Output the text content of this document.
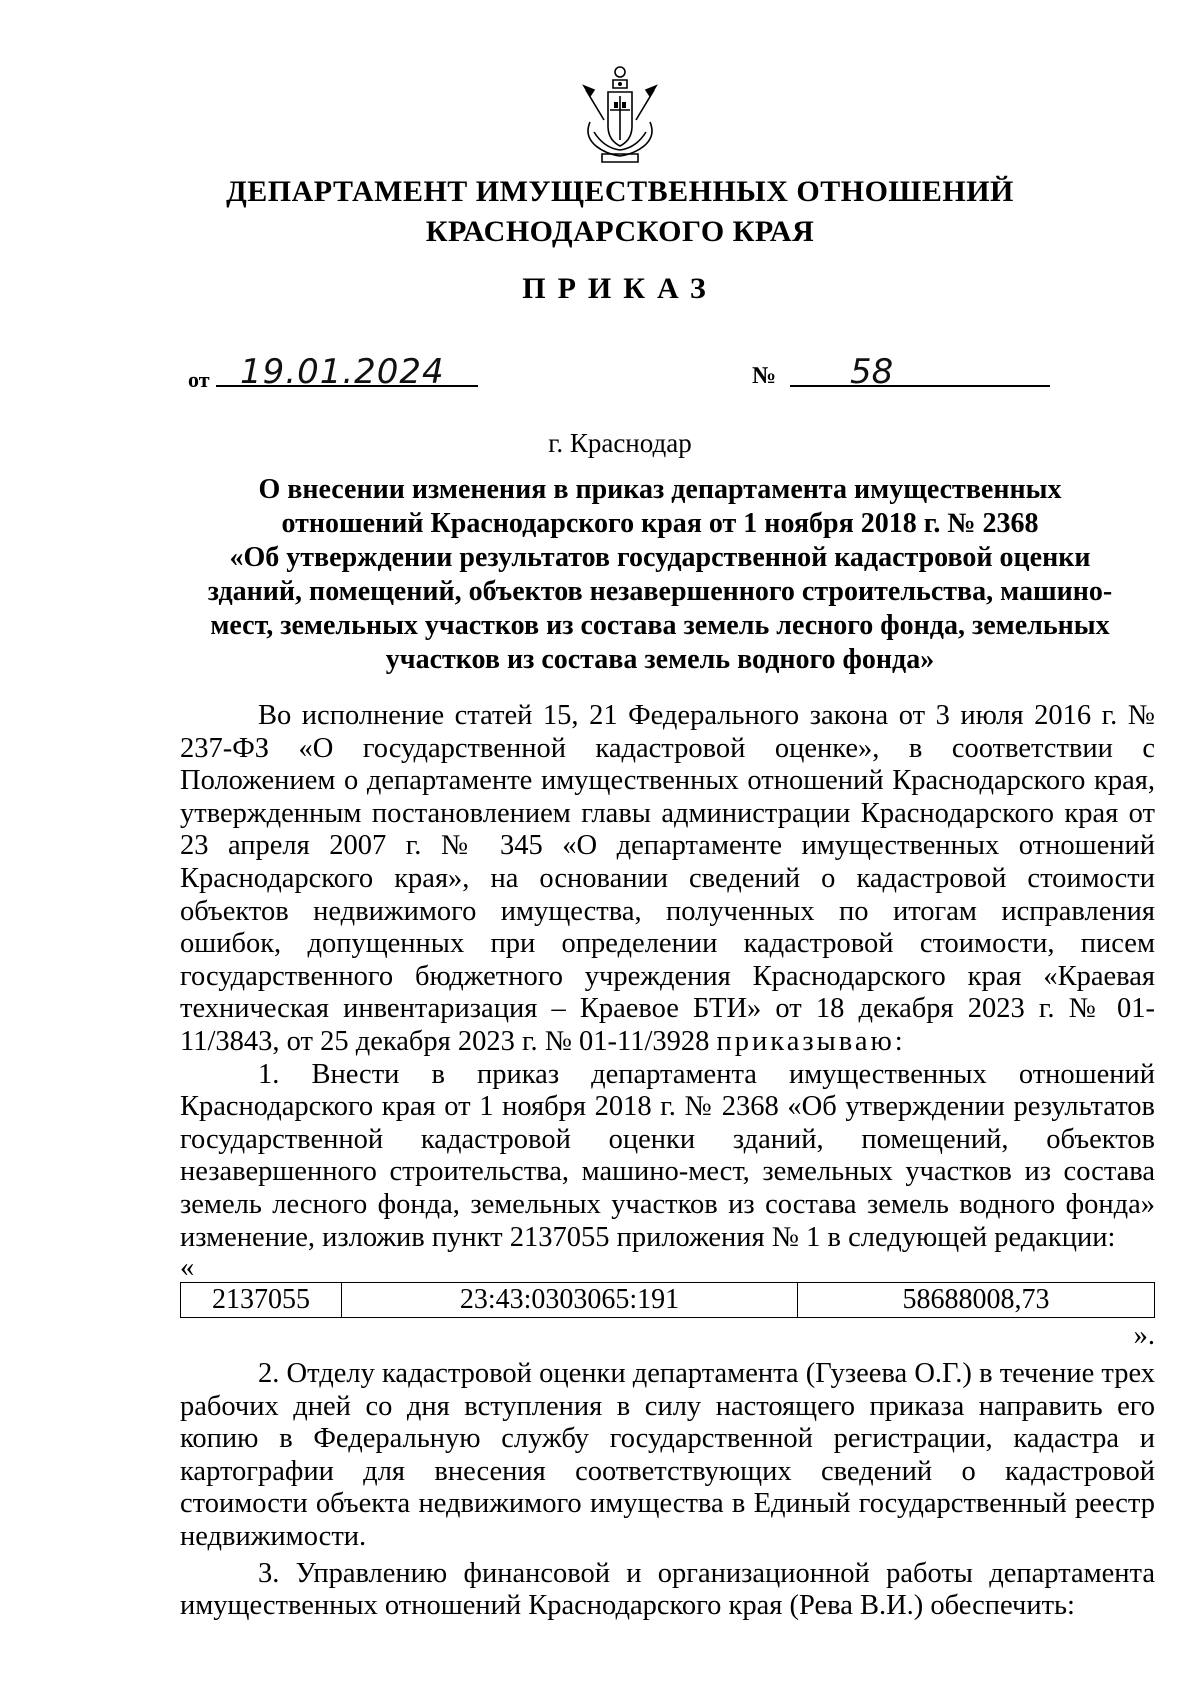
ДЕПАРТАМЕНТ ИМУЩЕСТВЕННЫХ ОТНОШЕНИЙ
КРАСНОДАРСКОГО КРАЯ
ПРИКАЗ
от 19.01.2024	№ 58
г. Краснодар
О внесении изменения в приказ департамента имущественных
отношений Краснодарского края от 1 ноября 2018 г. № 2368
«Об утверждении результатов государственной кадастровой оценки
зданий, помещений, объектов незавершенного строительства, машино-
мест, земельных участков из состава земель лесного фонда, земельных
участков из состава земель водного фонда»

Во исполнение статей 15, 21 Федерального закона от 3 июля 2016 г. № 237-ФЗ «О государственной кадастровой оценке», в соответствии с Положением о департаменте имущественных отношений Краснодарского края, утвержденным постановлением главы администрации Краснодарского края от 23 апреля 2007 г. № 345 «О департаменте имущественных отношений Краснодарского края», на основании сведений о кадастровой стоимости объектов недвижимого имущества, полученных по итогам исправления ошибок, допущенных при определении кадастровой стоимости, писем государственного бюджетного учреждения Краснодарского края «Краевая техническая инвентаризация – Краевое БТИ» от 18 декабря 2023 г. № 01-11/3843, от 25 декабря 2023 г. № 01-11/3928 приказываю:

1. Внести в приказ департамента имущественных отношений Краснодарского края от 1 ноября 2018 г. № 2368 «Об утверждении результатов государственной кадастровой оценки зданий, помещений, объектов незавершенного строительства, машино-мест, земельных участков из состава земель лесного фонда, земельных участков из состава земель водного фонда» изменение, изложив пункт 2137055 приложения № 1 в следующей редакции:

«

2137055	23:43:0303065:191	58688008,73

».

2. Отделу кадастровой оценки департамента (Гузеева О.Г.) в течение трех рабочих дней со дня вступления в силу настоящего приказа направить его копию в Федеральную службу государственной регистрации, кадастра и картографии для внесения соответствующих сведений о кадастровой стоимости объекта недвижимого имущества в Единый государственный реестр недвижимости.

3. Управлению финансовой и организационной работы департамента имущественных отношений Краснодарского края (Рева В.И.) обеспечить:
